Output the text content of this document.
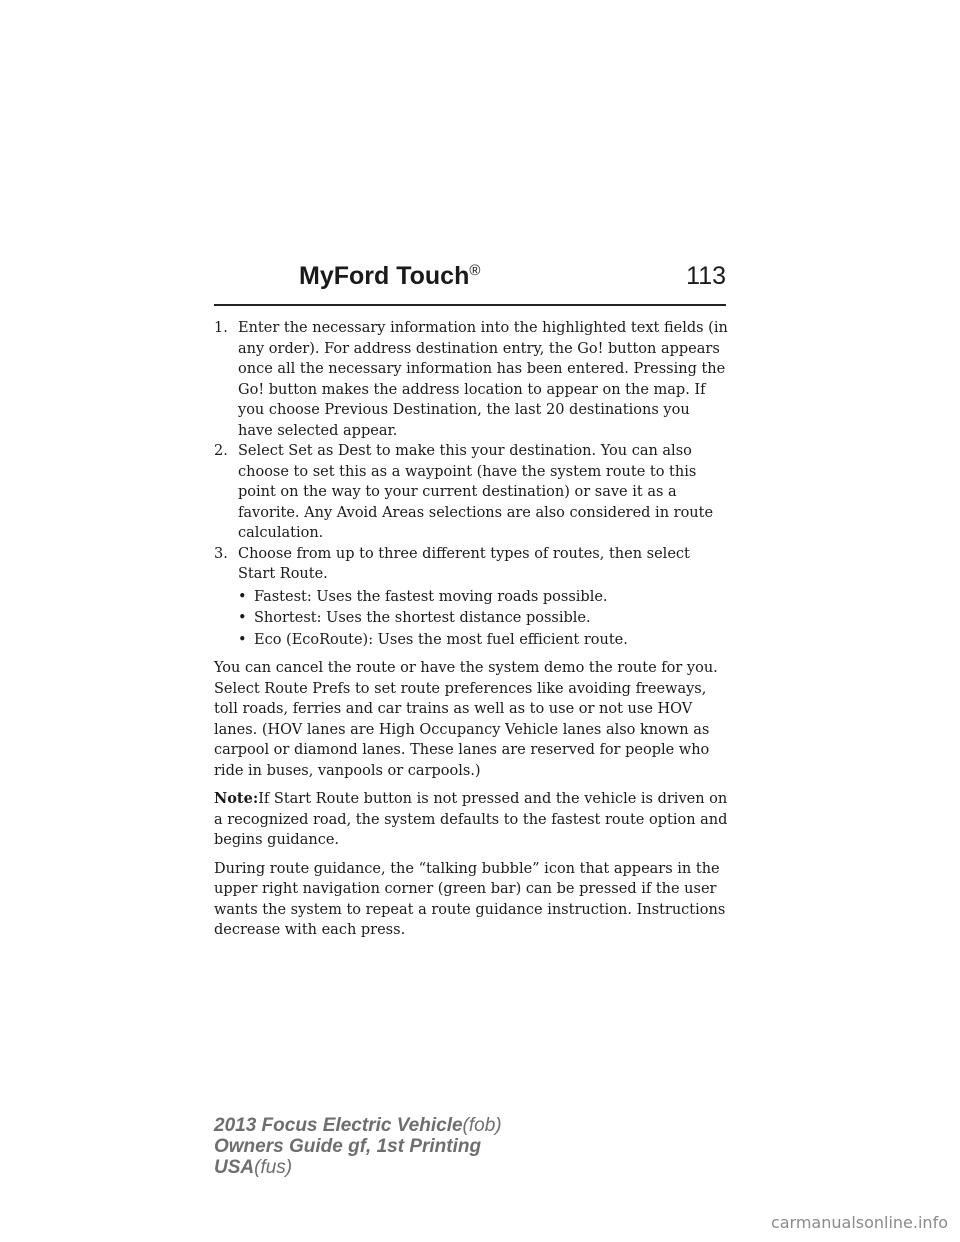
MyFord Touch®	113
1. Enter the necessary information into the highlighted text fields (in any order). For address destination entry, the Go! button appears once all the necessary information has been entered. Pressing the Go! button makes the address location to appear on the map. If you choose Previous Destination, the last 20 destinations you have selected appear.
2. Select Set as Dest to make this your destination. You can also choose to set this as a waypoint (have the system route to this point on the way to your current destination) or save it as a favorite. Any Avoid Areas selections are also considered in route calculation.
3. Choose from up to three different types of routes, then select Start Route.
• Fastest: Uses the fastest moving roads possible.
• Shortest: Uses the shortest distance possible.
• Eco (EcoRoute): Uses the most fuel efficient route.

You can cancel the route or have the system demo the route for you. Select Route Prefs to set route preferences like avoiding freeways, toll roads, ferries and car trains as well as to use or not use HOV lanes. (HOV lanes are High Occupancy Vehicle lanes also known as carpool or diamond lanes. These lanes are reserved for people who ride in buses, vanpools or carpools.)

Note:If Start Route button is not pressed and the vehicle is driven on a recognized road, the system defaults to the fastest route option and begins guidance.

During route guidance, the “talking bubble” icon that appears in the upper right navigation corner (green bar) can be pressed if the user wants the system to repeat a route guidance instruction. Instructions decrease with each press.

2013 Focus Electric Vehicle(fob)
Owners Guide gf, 1st Printing
USA(fus)
carmanualsonline.info
